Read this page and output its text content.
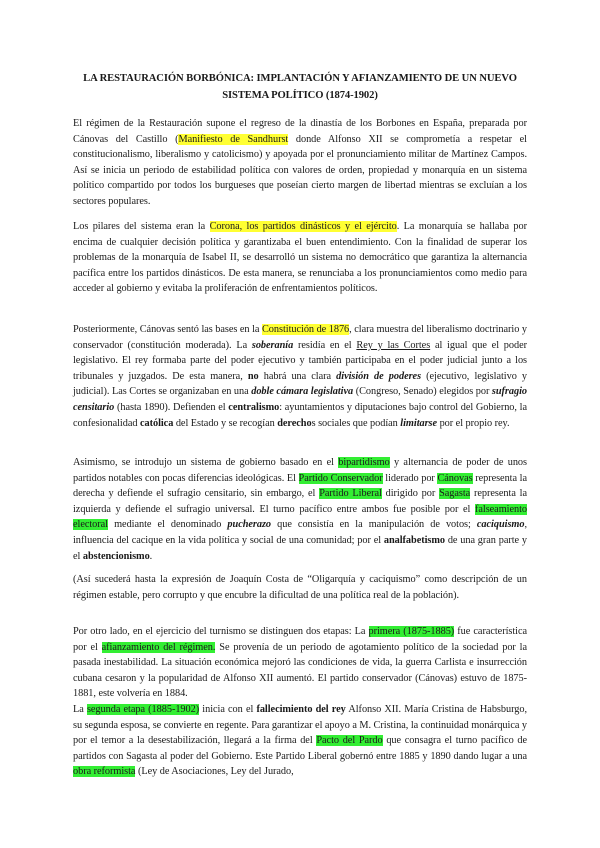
LA RESTAURACIÓN BORBÓNICA: IMPLANTACIÓN Y AFIANZAMIENTO DE UN NUEVO SISTEMA POLÍTICO (1874-1902)

El régimen de la Restauración supone el regreso de la dinastía de los Borbones en España, preparada por Cánovas del Castillo (Manifiesto de Sandhurst donde Alfonso XII se comprometía a respetar el constitucionalismo, liberalismo y catolicismo) y apoyada por el pronunciamiento militar de Martínez Campos. Así se inicia un periodo de estabilidad política con valores de orden, propiedad y monarquía en un sistema político compartido por todos los burgueses que poseían cierto margen de libertad mientras se excluían a los sectores populares.

Los pilares del sistema eran la Corona, los partidos dinásticos y el ejército. La monarquía se hallaba por encima de cualquier decisión política y garantizaba el buen entendimiento. Con la finalidad de superar los problemas de la monarquía de Isabel II, se desarrolló un sistema no democrático que garantiza la alternancia pacífica entre los partidos dinásticos. De esta manera, se renunciaba a los pronunciamientos como medio para acceder al gobierno y evitaba la proliferación de enfrentamientos políticos.

Posteriormente, Cánovas sentó las bases en la Constitución de 1876, clara muestra del liberalismo doctrinario y conservador (constitución moderada). La soberanía residía en el Rey y las Cortes al igual que el poder legislativo. El rey formaba parte del poder ejecutivo y también participaba en el poder judicial junto a los tribunales y juzgados. De esta manera, no habrá una clara división de poderes (ejecutivo, legislativo y judicial). Las Cortes se organizaban en una doble cámara legislativa (Congreso, Senado) elegidos por sufragio censitario (hasta 1890). Defienden el centralismo: ayuntamientos y diputaciones bajo control del Gobierno, la confesionalidad católica del Estado y se recogían derechos sociales que podían limitarse por el propio rey.

Asimismo, se introdujo un sistema de gobierno basado en el bipartidismo y alternancia de poder de unos partidos notables con pocas diferencias ideológicas. El Partido Conservador liderado por Cánovas representa la derecha y defiende el sufragio censitario, sin embargo, el Partido Liberal dirigido por Sagasta representa la izquierda y defiende el sufragio universal. El turno pacífico entre ambos fue posible por el falseamiento electoral mediante el denominado pucherazo que consistía en la manipulación de votos; caciquismo, influencia del cacique en la vida política y social de una comunidad; por el analfabetismo de una gran parte y el abstencionismo.

(Así sucederá hasta la expresión de Joaquín Costa de “Oligarquía y caciquismo” como descripción de un régimen estable, pero corrupto y que encubre la dificultad de una política real de la población).

Por otro lado, en el ejercicio del turnismo se distinguen dos etapas: La primera (1875-1885) fue característica por el afianzamiento del régimen. Se provenía de un periodo de agotamiento político de la sociedad por la pasada inestabilidad. La situación económica mejoró las condiciones de vida, la guerra Carlista e insurrección cubana cesaron y la popularidad de Alfonso XII aumentó. El partido conservador (Cánovas) estuvo de 1875-1881, este volvería en 1884.

La segunda etapa (1885-1902) inicia con el fallecimiento del rey Alfonso XII. María Cristina de Habsburgo, su segunda esposa, se convierte en regente. Para garantizar el apoyo a M. Cristina, la continuidad monárquica y por el temor a la desestabilización, llegará a la firma del Pacto del Pardo que consagra el turno pacífico de partidos con Sagasta al poder del Gobierno. Este Partido Liberal gobernó entre 1885 y 1890 dando lugar a una obra reformista (Ley de Asociaciones, Ley del Jurado,
